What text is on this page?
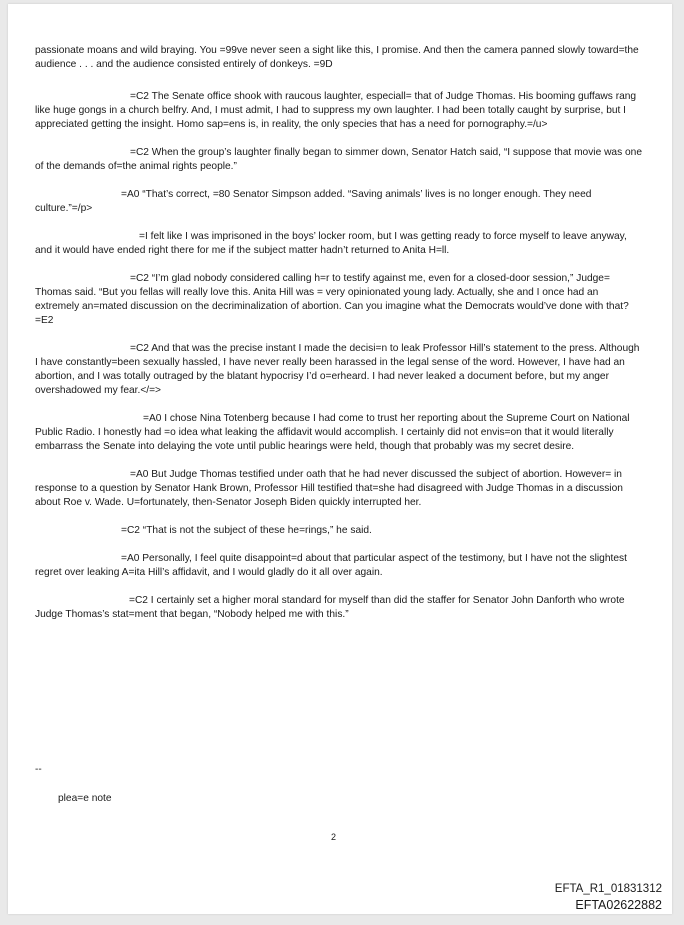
passionate moans and wild braying. You =99ve never seen a sight like this, I promise. And then the camera panned slowly toward=the audience . . . and the audience consisted entirely of donkeys. =9D

=C2 The Senate office shook with raucous laughter, especiall= that of Judge Thomas. His booming guffaws rang like huge gongs in a church belfry. And, I must admit, I had to suppress my own laughter. I had been totally caught by surprise, but I appreciated getting the insight. Homo sap=ens is, in reality, the only species that has a need for pornography.=/u>

=C2 When the group’s laughter finally began to simmer down, Senator Hatch said, “I suppose that movie was one of the demands of=the animal rights people.”

=A0 “That’s correct, =80 Senator Simpson added. “Saving animals’ lives is no longer enough. They need culture.”=/p>

=I felt like I was imprisoned in the boys’ locker room, but I was getting ready to force myself to leave anyway, and it would have ended right there for me if the subject matter hadn’t returned to Anita H=ll.

=C2 “I’m glad nobody considered calling h=r to testify against me, even for a closed-door session,” Judge= Thomas said. “But you fellas will really love this. Anita Hill was = very opinionated young lady. Actually, she and I once had an extremely an=mated discussion on the decriminalization of abortion. Can you imagine what the Democrats would’ve done with that?=E2

=C2 And that was the precise instant I made the decisi=n to leak Professor Hill’s statement to the press. Although I have constantly=been sexually hassled, I have never really been harassed in the legal sense of the word. However, I have had an abortion, and I was totally outraged by the blatant hypocrisy I’d o=erheard. I had never leaked a document before, but my anger overshadowed my fear.</=>

=A0 I chose Nina Totenberg because I had come to trust her reporting about the Supreme Court on National Public Radio. I honestly had =o idea what leaking the affidavit would accomplish. I certainly did not envis=on that it would literally embarrass the Senate into delaying the vote until public hearings were held, though that probably was my secret desire.

=A0 But Judge Thomas testified under oath that he had never discussed the subject of abortion. However= in response to a question by Senator Hank Brown, Professor Hill testified that=she had disagreed with Judge Thomas in a discussion about Roe v. Wade. U=fortunately, then-Senator Joseph Biden quickly interrupted her.

=C2 “That is not the subject of these he=rings,” he said.

=A0 Personally, I feel quite disappoint=d about that particular aspect of the testimony, but I have not the slightest regret over leaking A=ita Hill’s affidavit, and I would gladly do it all over again.

=C2 I certainly set a higher moral standard for myself than did the staffer for Senator John Danforth who wrote Judge Thomas’s stat=ment that began, “Nobody helped me with this.”

--
plea=e note
2
EFTA_R1_01831312
EFTA02622882
